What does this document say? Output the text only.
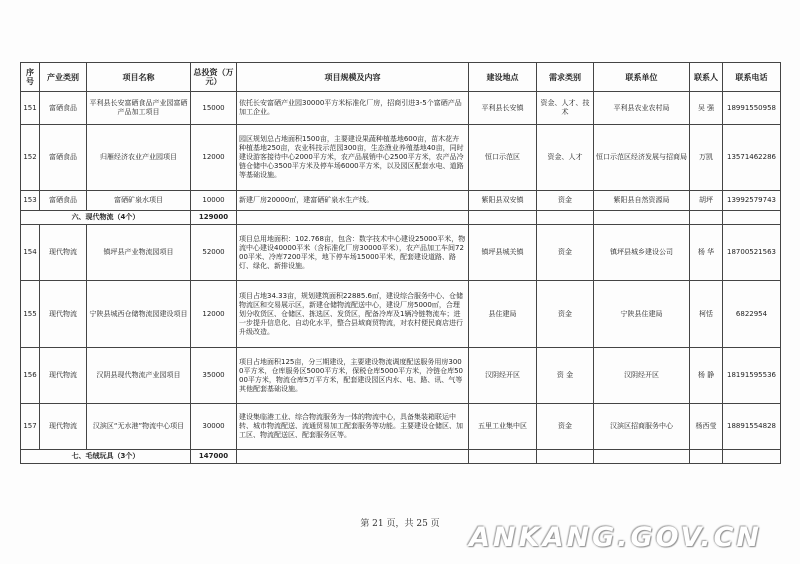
序号	产业类别	项目名称	总投资（万元）	项目规模及内容	建设地点	需求类别	联系单位	联系人	联系电话
151	富硒食品	平利县长安富硒食品产业园富硒产品加工项目	15000	依托长安富硒产业园30000平方米标准化厂房，招商引进3-5个富硒产品加工企业。	平利县长安镇	资金、人才、技术	平利县农业农村局	吴 强	18991550958
152	富硒食品	归雁经济农业产业园项目	12000	园区规划总占地面积1500亩，主要建设果蔬种植基地600亩，苗木花卉种植基地250亩，农业科技示范园300亩，生态渔业养殖基地40亩，同时建设游客接待中心2000平方米，农产品展销中心2500平方米，农产品冷链仓储中心3500平方米及停车场6000平方米，以及园区配套水电、道路等基础设施。	恒口示范区	资金、人才	恒口示范区经济发展与招商局	万凯	13571462286
153	富硒食品	富硒矿泉水项目	10000	新建厂房20000㎡，建富硒矿泉水生产线。	紫阳县双安镇	资金	紫阳县自然资源局	胡坪	13992579743
六、现代物流（4个）			129000						
154	现代物流	镇坪县产业物流园项目	52000	项目总用地面积：102.768亩，包含：数字技术中心建设25000平米，物流中心建设40000平米（含标准化厂房30000平米），农产品加工车间7200平米、冷库7200平米，地下停车场15000平米，配套建设道路、路灯、绿化、新排设施。	镇坪县城关镇	资金	镇坪县城乡建设公司	杨 华	18700521563
155	现代物流	宁陕县城西仓储物流园建设项目	12000	项目占地34.33亩，规划建筑面积22885.6㎡，建设综合服务中心、仓储物流区和交易展示区，新建仓储物流配送中心，建设厂房5000㎡，合理划分收货区、仓储区、拣选区、发货区，配备冷库及1辆冷链物流车；进一步提升信息化、自动化水平，整合县域商贸物流，对农村便民商店进行升级改造。	县住建局	资金	宁陕县住建局	柯恬	6822954
156	现代物流	汉阴县现代物流产业园项目	35000	项目占地面积125亩，分三期建设，主要建设物流调度配送服务用房3000平方米，仓库服务区5000平方米，保税仓库5000平方米，冷链仓库5000平方米，物流仓库5万平方米，配套建设园区内水、电、路、讯、气等其他配套基础设施。	汉阴经开区	资 金	汉阴经开区	杨 静	18191595536
157	现代物流	汉滨区“无水港”物流中心项目	30000	建设集临港工业、综合物流服务为一体的物流中心，具备集装箱联运中转、城市物流配送、流通贸易加工配套服务等功能。主要建设仓储区、加工区、物流配送区、配套服务区等。	五里工业集中区	资金	汉滨区招商服务中心	杨西莹	18891554828
七、毛绒玩具（3个）			147000						
第 21 页，共 25 页	ANKANG.GOV.CN
